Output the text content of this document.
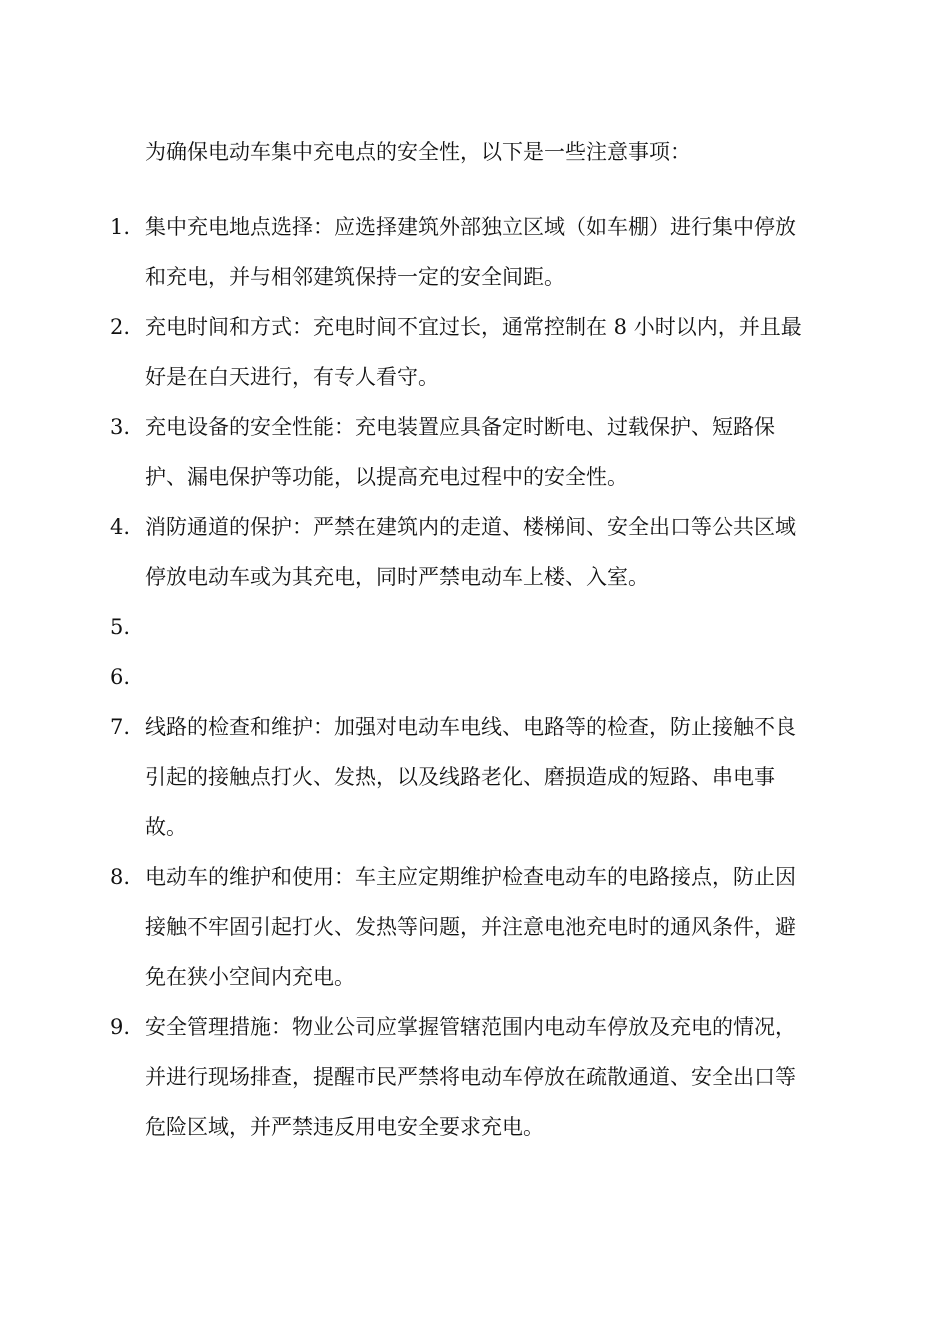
为确保电动车集中充电点的安全性，以下是一些注意事项：
1. 集中充电地点选择：应选择建筑外部独立区域（如车棚）进行集中停放和充电，并与相邻建筑保持一定的安全间距。
2. 充电时间和方式：充电时间不宜过长，通常控制在 8 小时以内，并且最好是在白天进行，有专人看守。
3. 充电设备的安全性能：充电装置应具备定时断电、过载保护、短路保护、漏电保护等功能，以提高充电过程中的安全性。
4. 消防通道的保护：严禁在建筑内的走道、楼梯间、安全出口等公共区域停放电动车或为其充电，同时严禁电动车上楼、入室。
5.
6.
7. 线路的检查和维护：加强对电动车电线、电路等的检查，防止接触不良引起的接触点打火、发热，以及线路老化、磨损造成的短路、串电事故。
8. 电动车的维护和使用：车主应定期维护检查电动车的电路接点，防止因接触不牢固引起打火、发热等问题，并注意电池充电时的通风条件，避免在狭小空间内充电。
9. 安全管理措施：物业公司应掌握管辖范围内电动车停放及充电的情况，并进行现场排查，提醒市民严禁将电动车停放在疏散通道、安全出口等危险区域，并严禁违反用电安全要求充电。
